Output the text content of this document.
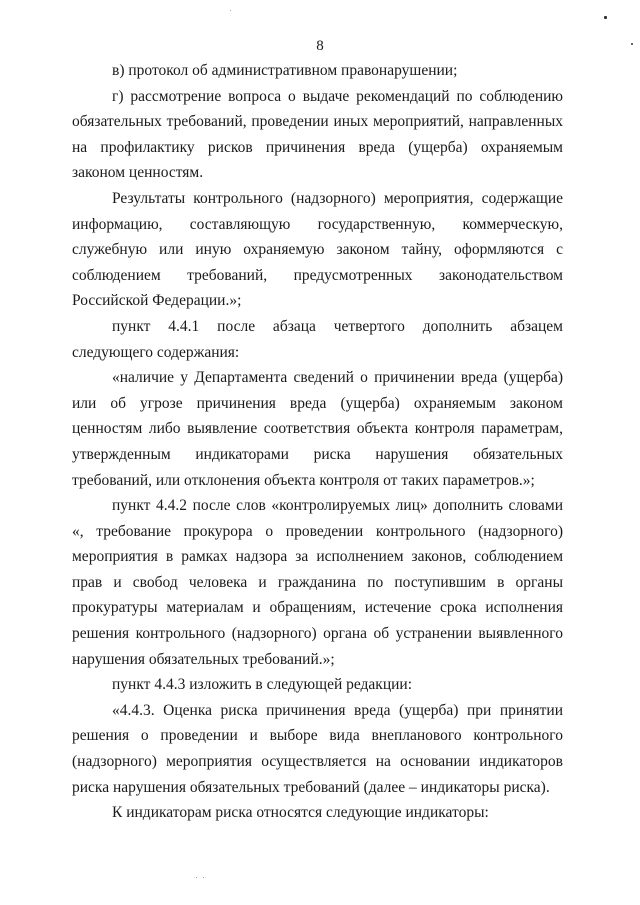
8

в) протокол об административном правонарушении;

г) рассмотрение вопроса о выдаче рекомендаций по соблюдению обязательных требований, проведении иных мероприятий, направленных на профилактику рисков причинения вреда (ущерба) охраняемым законом ценностям.

Результаты контрольного (надзорного) мероприятия, содержащие информацию, составляющую государственную, коммерческую, служебную или иную охраняемую законом тайну, оформляются с соблюдением требований, предусмотренных законодательством Российской Федерации.»;

пункт 4.4.1 после абзаца четвертого дополнить абзацем следующего содержания:

«наличие у Департамента сведений о причинении вреда (ущерба) или об угрозе причинения вреда (ущерба) охраняемым законом ценностям либо выявление соответствия объекта контроля параметрам, утвержденным индикаторами риска нарушения обязательных требований, или отклонения объекта контроля от таких параметров.»;

пункт 4.4.2 после слов «контролируемых лиц» дополнить словами «, требование прокурора о проведении контрольного (надзорного) мероприятия в рамках надзора за исполнением законов, соблюдением прав и свобод человека и гражданина по поступившим в органы прокуратуры материалам и обращениям, истечение срока исполнения решения контрольного (надзорного) органа об устранении выявленного нарушения обязательных требований.»;

пункт 4.4.3 изложить в следующей редакции:

«4.4.3. Оценка риска причинения вреда (ущерба) при принятии решения о проведении и выборе вида внепланового контрольного (надзорного) мероприятия осуществляется на основании индикаторов риска нарушения обязательных требований (далее – индикаторы риска).

К индикаторам риска относятся следующие индикаторы:
